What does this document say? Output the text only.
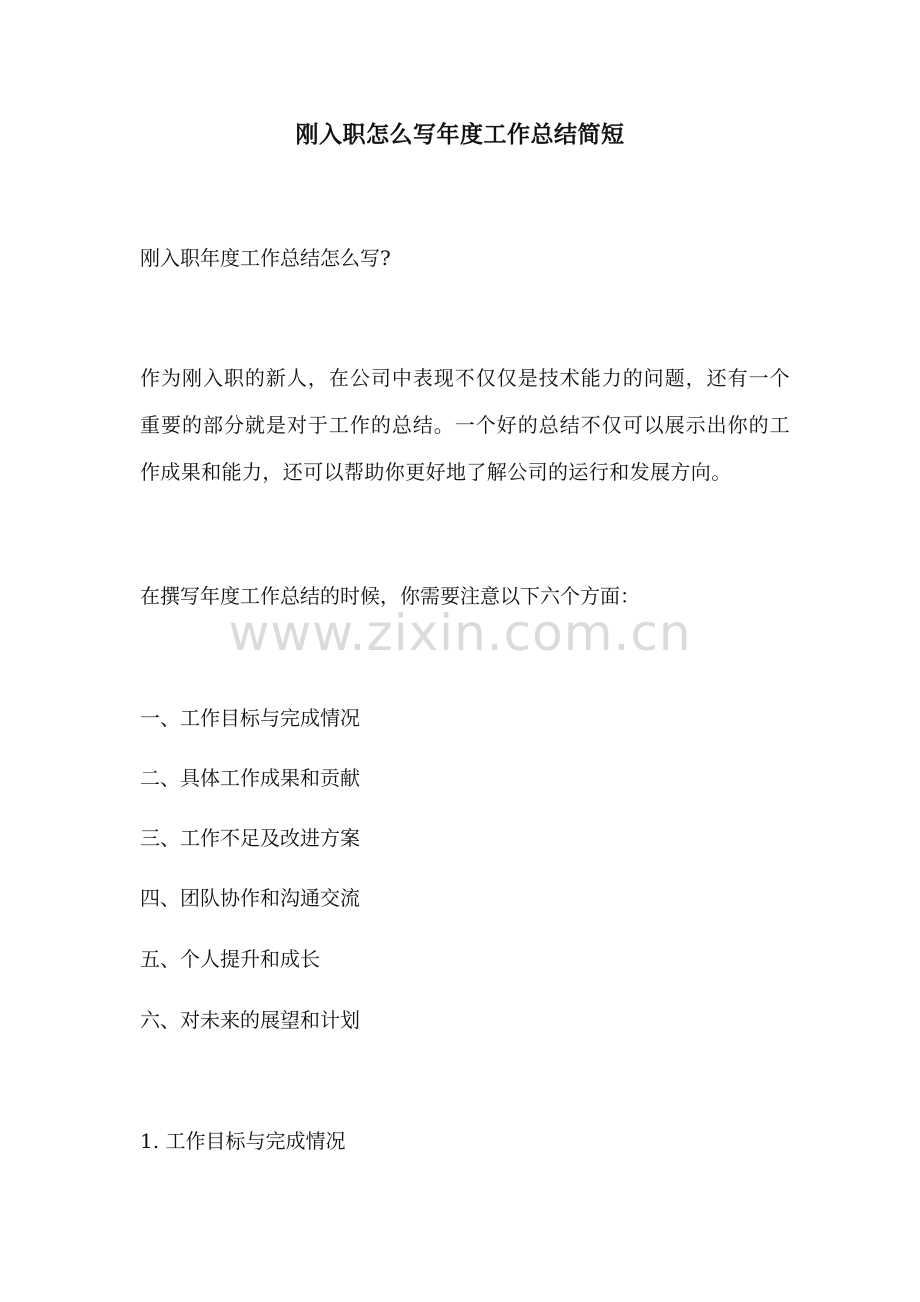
刚入职怎么写年度工作总结简短
刚入职年度工作总结怎么写?
作为刚入职的新人，在公司中表现不仅仅是技术能力的问题，还有一个重要的部分就是对于工作的总结。一个好的总结不仅可以展示出你的工作成果和能力，还可以帮助你更好地了解公司的运行和发展方向。
在撰写年度工作总结的时候，你需要注意以下六个方面：
www.zixin.com.cn
一、工作目标与完成情况
二、具体工作成果和贡献
三、工作不足及改进方案
四、团队协作和沟通交流
五、个人提升和成长
六、对未来的展望和计划
1. 工作目标与完成情况
